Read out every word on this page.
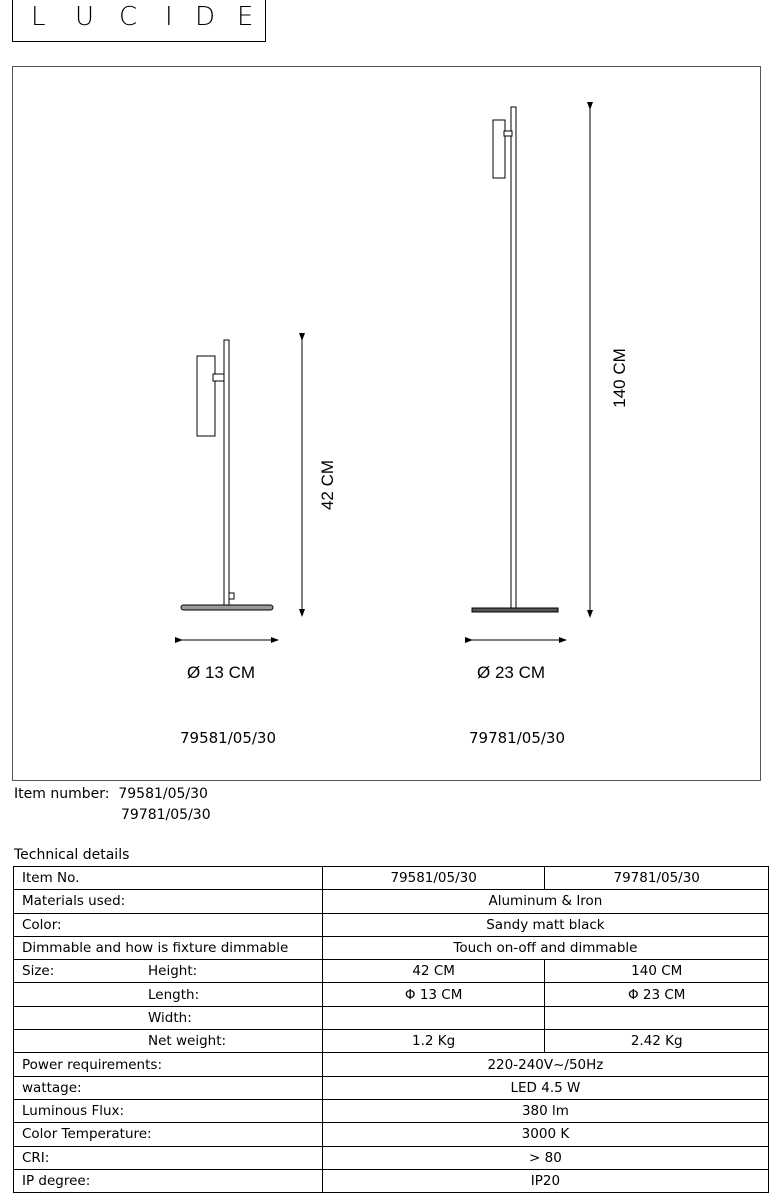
L U C I D E
42 CM
Ø 13 CM
79581/05/30
140 CM
Ø 23 CM
79781/05/30
Item number: 79581/05/30
79781/05/30
Technical details
Item No.	79581/05/30	79781/05/30
Materials used:	Aluminum & Iron	
Color:	Sandy matt black	
Dimmable and how is fixture dimmable	Touch on-off and dimmable	
Size: Height:	42 CM	140 CM
Length:	Φ 13 CM	Φ 23 CM
Width:		
Net weight:	1.2 Kg	2.42 Kg
Power requirements:	220-240V~/50Hz	
wattage:	LED 4.5 W	
Luminous Flux:	380 lm	
Color Temperature:	3000 K	
CRI:	> 80	
IP degree:	IP20	
